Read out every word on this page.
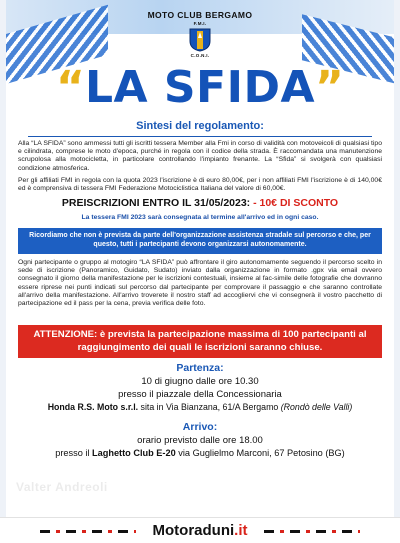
MOTO CLUB BERGAMO
F.M.I.
C.O.N.I.
“LA SFIDA”
Sintesi del regolamento:
Alla “LA SFIDA” sono ammessi tutti gli iscritti tessera Member alla Fmi in corso di validità con motoveicoli di qualsiasi tipo e cilindrata, comprese le moto d'epoca, purché in regola con il codice della strada. È raccomandata una manutenzione scrupolosa alla motocicletta, in particolare controllando l'impianto frenante. La “Sfida” si svolgerà con qualsiasi condizione atmosferica.
Per gli affiliati FMI in regola con la quota 2023 l'iscrizione è di euro 80,00€, per i non affiliati FMI l'iscrizione è di 140,00€ ed è comprensiva di tessera FMI Federazione Motociclistica Italiana del valore di 60,00€.
PREISCRIZIONI ENTRO IL 31/05/2023: - 10€ DI SCONTO
La tessera FMI 2023 sarà consegnata al termine all'arrivo ed in ogni caso.
Ricordiamo che non è prevista da parte dell'organizzazione assistenza stradale sul percorso e che, per questo, tutti i partecipanti devono organizzarsi autonomamente.
Ogni partecipante o gruppo al motogiro “LA SFIDA” può affrontare il giro autonomamente seguendo il percorso scelto in sede di iscrizione (Panoramico, Guidato, Sudato) inviato dalla organizzazione in formato .gpx via email ovvero consegnato il giorno della manifestazione per le iscrizioni contestuali, insieme al fac-simile delle fotografie che dovranno essere riprese nei punti indicati sul percorso dal partecipante per comprovare il passaggio e che saranno controllate all'arrivo della manifestazione. All'arrivo troverete il nostro staff ad accogliervi che vi consegnerà il vostro pacchetto di partecipazione ed il pass per la cena, previa verifica delle foto.
ATTENZIONE: è prevista la partecipazione massima di 100 partecipanti al raggiungimento dei quali le iscrizioni saranno chiuse.
Partenza:
10 di giugno dalle ore 10.30
presso il piazzale della Concessionaria
Honda R.S. Moto s.r.l. sita in Via Bianzana, 61/A Bergamo (Rondò delle Valli)
Arrivo:
orario previsto dalle ore 18.00
presso il Laghetto Club E-20 via Guglielmo Marconi, 67 Petosino (BG)
Valter Andreoli
Motoraduni.it
